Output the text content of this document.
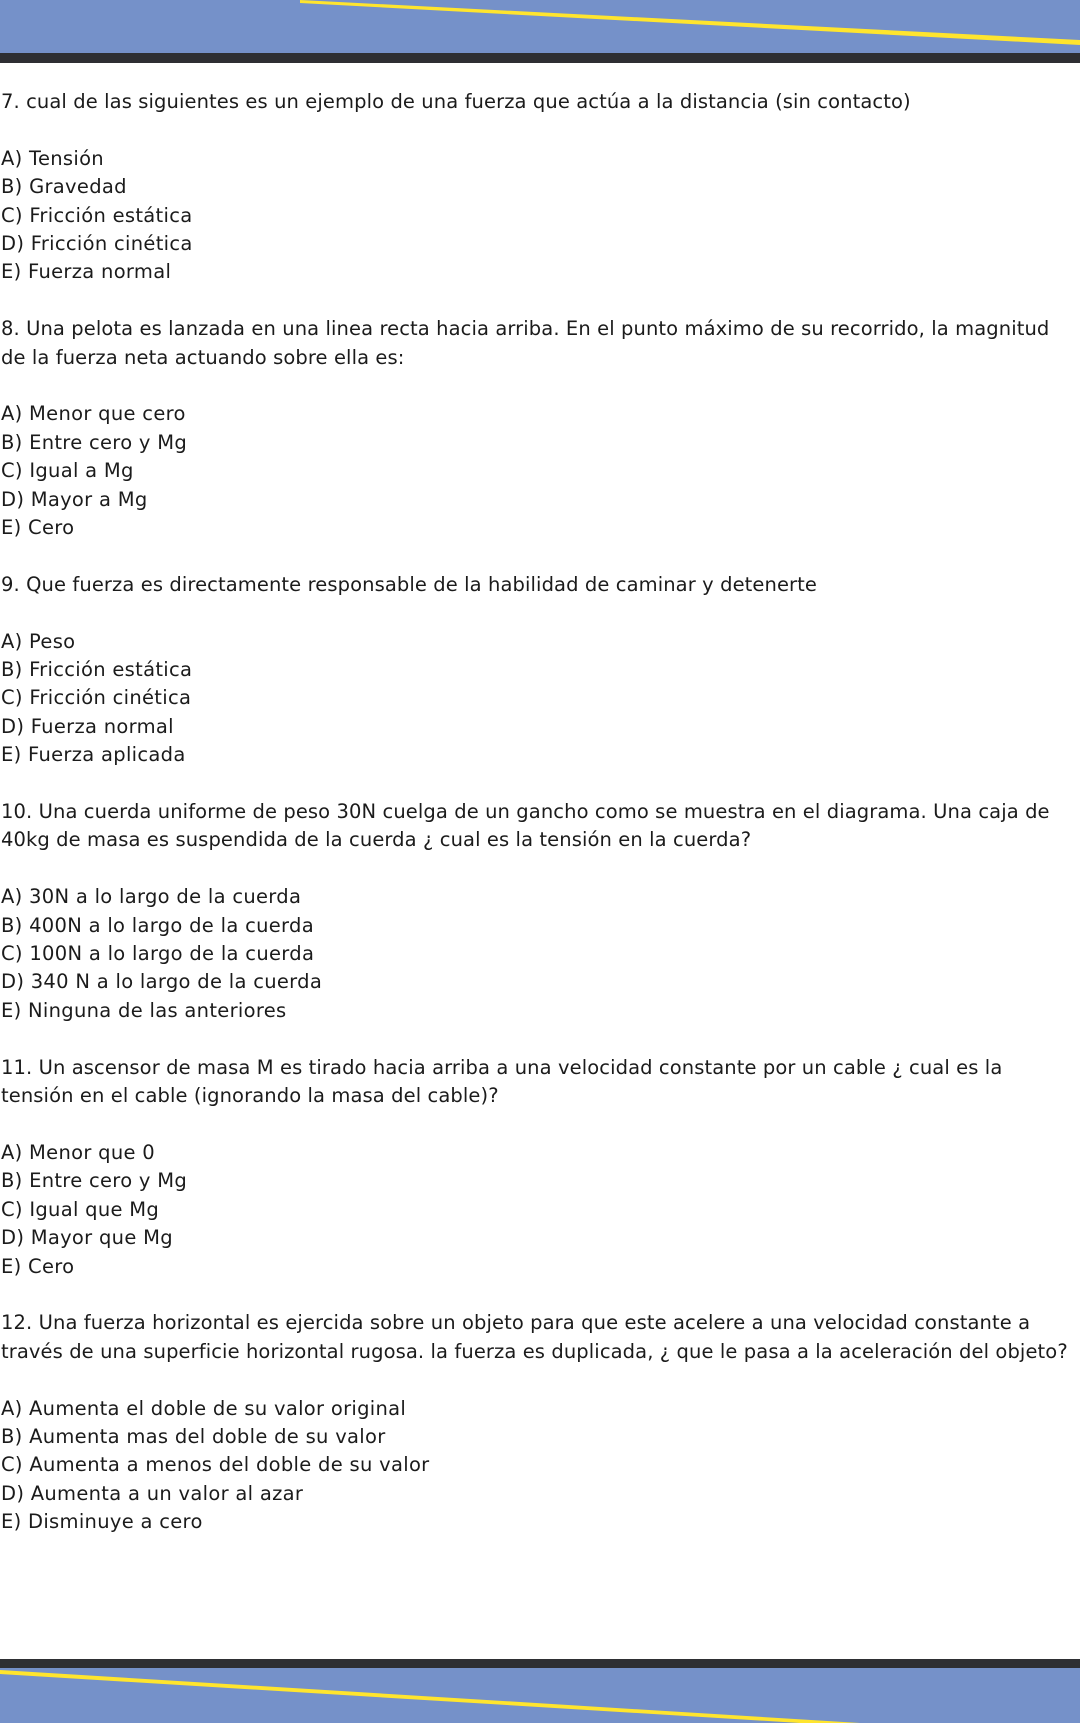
7. cual de las siguientes es un ejemplo de una fuerza que actúa a la distancia (sin contacto)

A) Tensión
B) Gravedad
C) Fricción estática
D) Fricción cinética
E) Fuerza normal

8. Una pelota es lanzada en una linea recta hacia arriba. En el punto máximo de su recorrido, la magnitud de la fuerza neta actuando sobre ella es:

A) Menor que cero
B) Entre cero y Mg
C) Igual a Mg
D) Mayor a Mg
E) Cero

9. Que fuerza es directamente responsable de la habilidad de caminar y detenerte

A) Peso
B) Fricción estática
C) Fricción cinética
D) Fuerza normal
E) Fuerza aplicada

10. Una cuerda uniforme de peso 30N cuelga de un gancho como se muestra en el diagrama. Una caja de 40kg de masa es suspendida de la cuerda ¿ cual es la tensión en la cuerda?

A) 30N a lo largo de la cuerda
B) 400N a lo largo de la cuerda
C) 100N a lo largo de la cuerda
D) 340 N a lo largo de la cuerda
E) Ninguna de las anteriores

11. Un ascensor de masa M es tirado hacia arriba a una velocidad constante por un cable ¿ cual es la tensión en el cable (ignorando la masa del cable)?

A) Menor que 0
B) Entre cero y Mg
C) Igual que Mg
D) Mayor que Mg
E) Cero

12. Una fuerza horizontal es ejercida sobre un objeto para que este acelere a una velocidad constante a través de una superficie horizontal rugosa. la fuerza es duplicada, ¿ que le pasa a la aceleración del objeto?

A) Aumenta el doble de su valor original
B) Aumenta mas del doble de su valor
C) Aumenta a menos del doble de su valor
D) Aumenta a un valor al azar
E) Disminuye a cero
